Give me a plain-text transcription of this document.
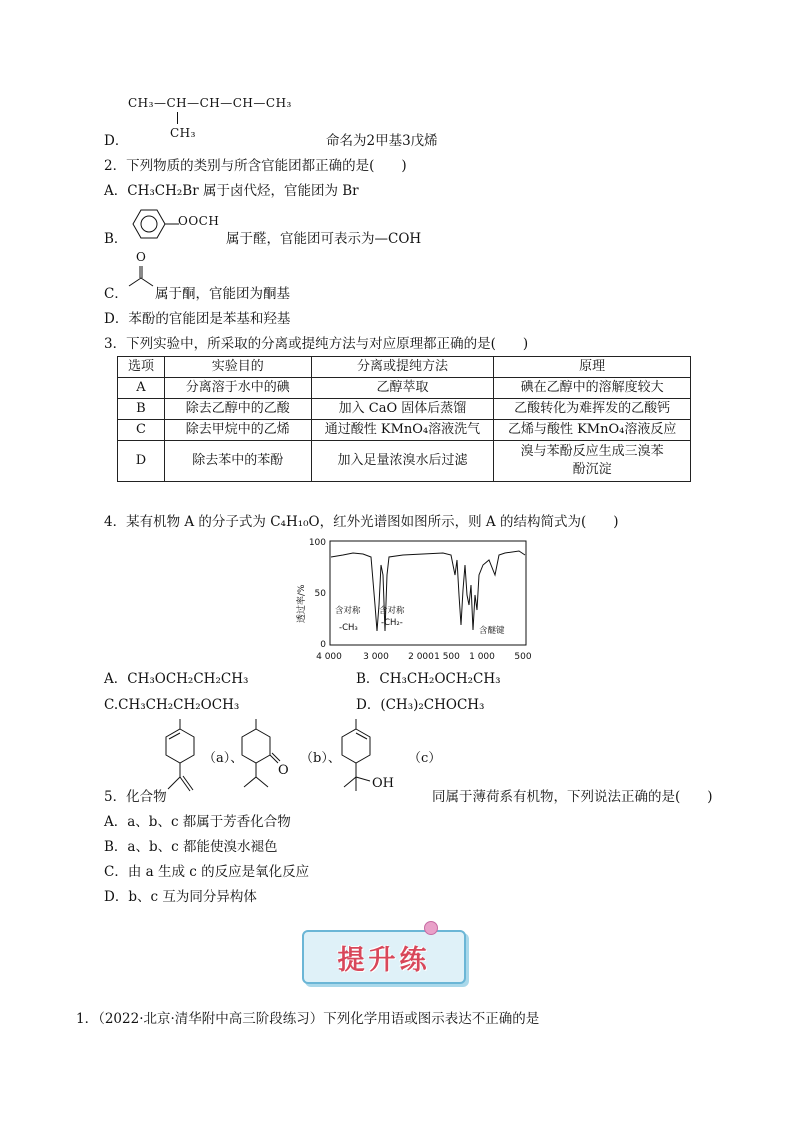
CH₃—CH—CH—CH—CH₃
CH₃
D．	命名为2甲基3戊烯
2．下列物质的类别与所含官能团都正确的是(　　)
A．CH₃CH₂Br 属于卤代烃，官能团为 Br
B．
OOCH
属于醛，官能团可表示为—COH
O
C． 属于酮，官能团为酮基
D．苯酚的官能团是苯基和羟基
3．下列实验中，所采取的分离或提纯方法与对应原理都正确的是(　　)
选项	实验目的	分离或提纯方法	原理
A	分离溶于水中的碘	乙醇萃取	碘在乙醇中的溶解度较大
B	除去乙醇中的乙酸	加入 CaO 固体后蒸馏	乙酸转化为难挥发的乙酸钙
C	除去甲烷中的乙烯	通过酸性 KMnO₄溶液洗气	乙烯与酸性 KMnO₄溶液反应
D	除去苯中的苯酚	加入足量浓溴水后过滤	溴与苯酚反应生成三溴苯酚沉淀
4．某有机物 A 的分子式为 C₄H₁₀O，红外光谱图如图所示，则 A 的结构简式为(　　)
100
50
0
4 000 3 000 2 000 1 500 1 000 500
透过率/%	含对称
-CH₃
含对称
-CH₂-
含醚键
A．CH₃OCH₂CH₂CH₃	B．CH₃CH₂OCH₂CH₃
C.CH₃CH₂CH₂OCH₃	D．(CH₃)₂CHOCH₃
（a）、
O
（b）、
OH
（c）
5．化合物	同属于薄荷系有机物，下列说法正确的是(　　)
A．a、b、c 都属于芳香化合物
B．a、b、c 都能使溴水褪色
C．由 a 生成 c 的反应是氧化反应
D．b、c 互为同分异构体
提升练
1．（2022·北京·清华附中高三阶段练习）下列化学用语或图示表达不正确的是
